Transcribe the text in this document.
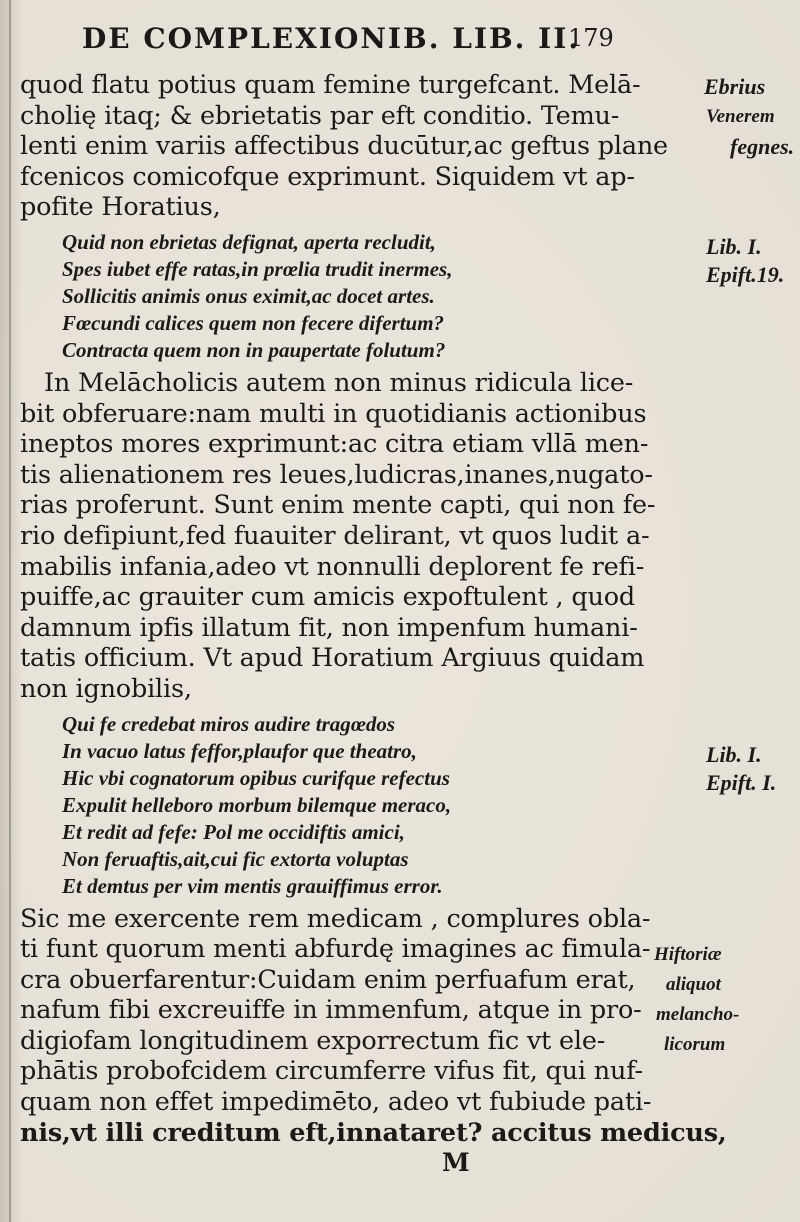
DE COMPLEXIONIB. LIB. II.
179
quod flatu potius quam femine turgefcant. Melā-
cholię itaq; & ebrietatis par eft conditio. Temu-
lenti enim variis affectibus ducūtur,ac geftus plane
fcenicos comicofque exprimunt. Siquidem vt ap-
pofite Horatius,
Quid non ebrietas defignat, aperta recludit,
Spes iubet effe ratas,in prœlia trudit inermes,
Sollicitis animis onus eximit,ac docet artes.
Fœcundi calices quem non fecere difertum?
Contracta quem non in paupertate folutum?
In Melācholicis autem non minus ridicula lice-
bit obferuare:nam multi in quotidianis actionibus
ineptos mores exprimunt:ac citra etiam vllā men-
tis alienationem res leues,ludicras,inanes,nugato-
rias proferunt. Sunt enim mente capti, qui non fe-
rio defipiunt,fed fuauiter delirant, vt quos ludit a-
mabilis infania,adeo vt nonnulli deplorent fe refi-
puiffe,ac grauiter cum amicis expoftulent , quod
damnum ipfis illatum fit, non impenfum humani-
tatis officium. Vt apud Horatium Argiuus quidam
non ignobilis,
Qui fe credebat miros audire tragœdos
In vacuo latus feffor,plaufor que theatro,
Hic vbi cognatorum opibus curifque refectus
Expulit helleboro morbum bilemque meraco,
Et redit ad fefe: Pol me occidiftis amici,
Non feruaftis,ait,cui fic extorta voluptas
Et demtus per vim mentis grauiffimus error.
Sic me exercente rem medicam , complures obla-
ti funt quorum menti abfurdę imagines ac fimula-
cra obuerfarentur:Cuidam enim perfuafum erat,
nafum fibi excreuiffe in immenfum, atque in pro-
digiofam longitudinem exporrectum fic vt ele-
phātis probofcidem circumferre vifus fit, qui nuf-
quam non effet impedimēto, adeo vt fubiude pati-
nis,vt illi creditum eft,innataret? accitus medicus,
M
Ebrius
Venerem
fegnes.
Lib. I.
Epift.19.
Lib. I.
Epift. I.
Hiftoriæ
aliquot
melancho-
licorum
